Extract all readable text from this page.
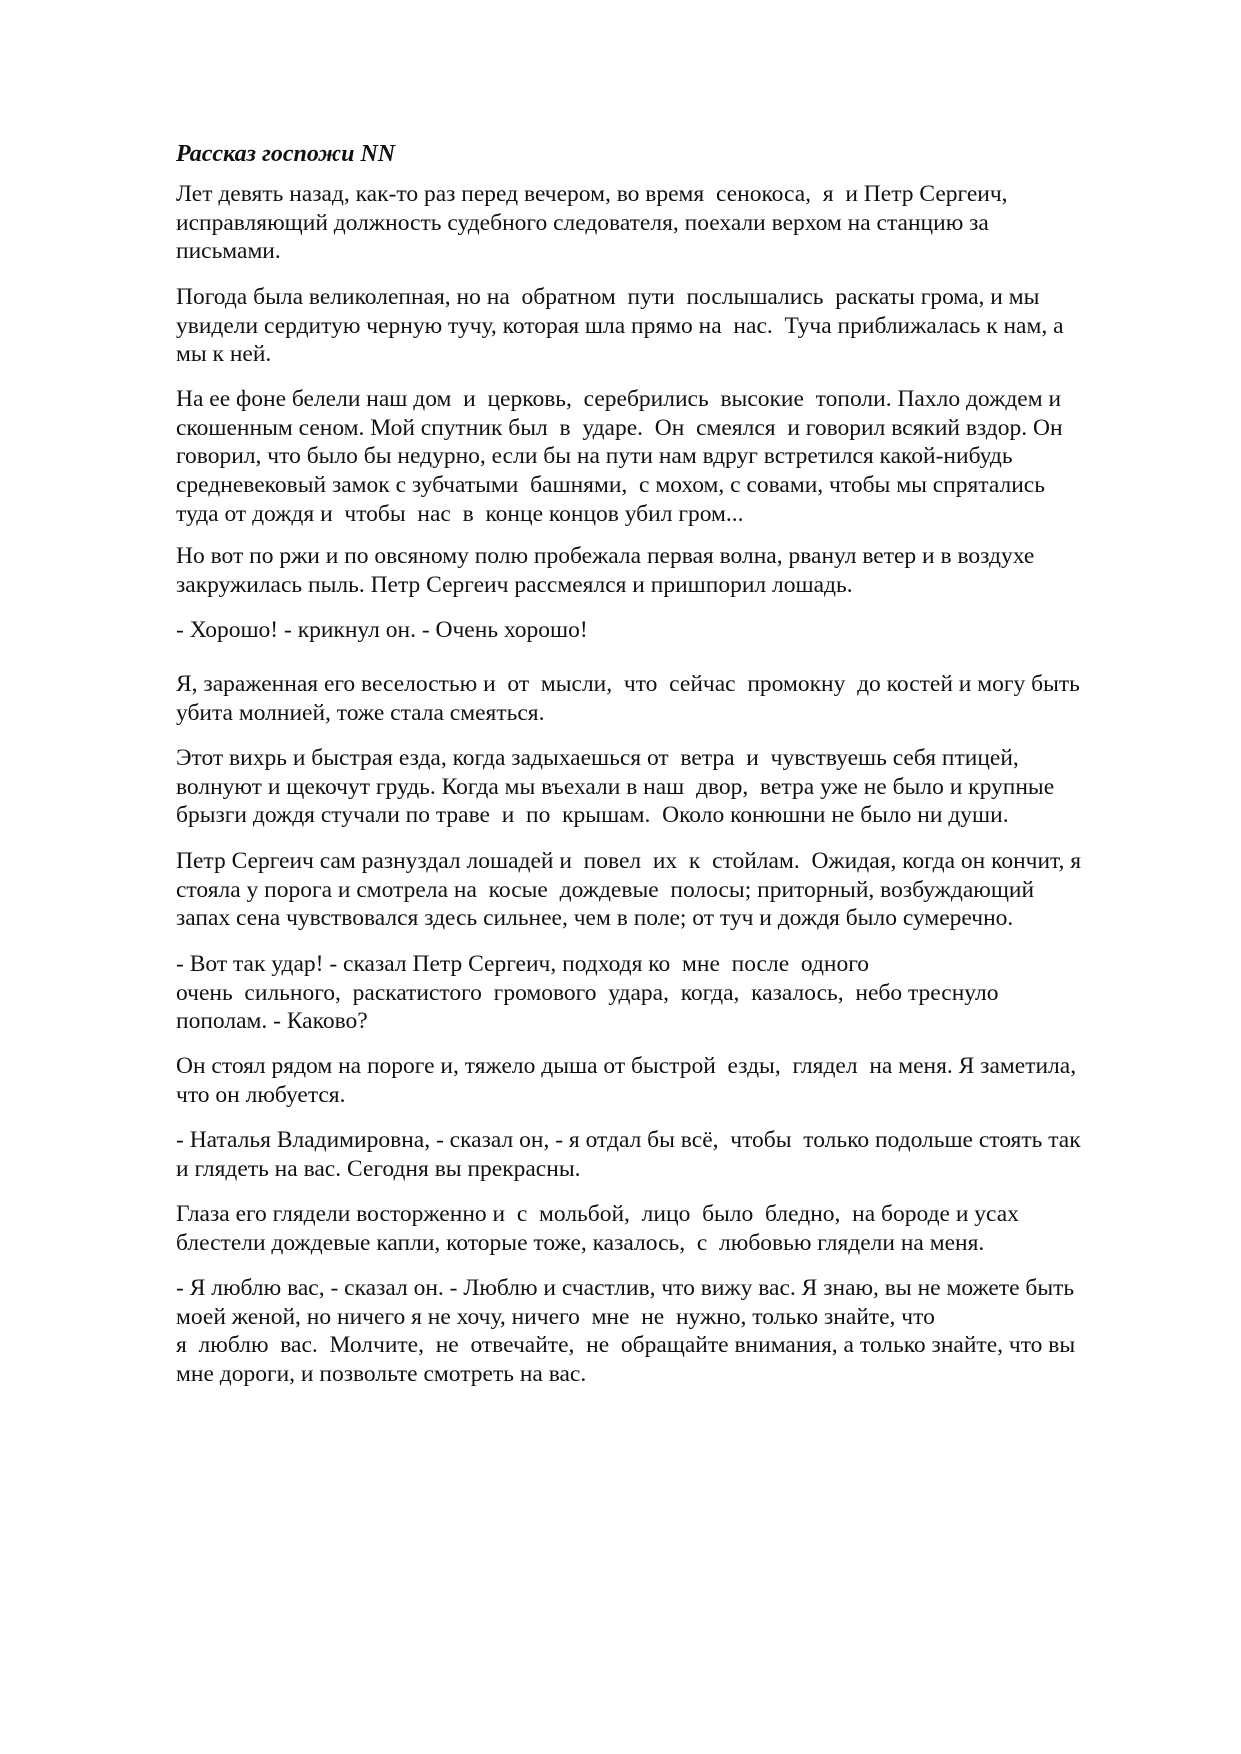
Рассказ госпожи NN

Лет девять назад, как-то раз перед вечером, во время  сенокоса,  я  и Петр Сергеич,
исправляющий должность судебного следователя, поехали верхом на станцию за
письмами.

Погода была великолепная, но на  обратном  пути  послышались  раскаты грома, и мы
увидели сердитую черную тучу, которая шла прямо на  нас.  Туча приближалась к нам, а
мы к ней.

На ее фоне белели наш дом  и  церковь,  серебрились  высокие  тополи. Пахло дождем и
скошенным сеном. Мой спутник был  в  ударе.  Он  смеялся  и говорил всякий вздор. Он
говорил, что было бы недурно, если бы на пути нам вдруг встретился какой-нибудь
средневековый замок с зубчатыми  башнями,  с мохом, с совами, чтобы мы спрятались
туда от дождя и  чтобы  нас  в  конце концов убил гром...

Но вот по ржи и по овсяному полю пробежала первая волна, рванул ветер и в воздухе
закружилась пыль. Петр Сергеич рассмеялся и пришпорил лошадь.

- Хорошо! - крикнул он. - Очень хорошо!

Я, зараженная его веселостью и  от  мысли,  что  сейчас  промокну  до костей и могу быть
убита молнией, тоже стала смеяться.

Этот вихрь и быстрая езда, когда задыхаешься от  ветра  и  чувствуешь себя птицей,
волнуют и щекочут грудь. Когда мы въехали в наш  двор,  ветра уже не было и крупные
брызги дождя стучали по траве  и  по  крышам.  Около конюшни не было ни души.

Петр Сергеич сам разнуздал лошадей и  повел  их  к  стойлам.  Ожидая, когда он кончит, я
стояла у порога и смотрела на  косые  дождевые  полосы; приторный, возбуждающий
запах сена чувствовался здесь сильнее, чем в поле; от туч и дождя было сумеречно.

- Вот так удар! - сказал Петр Сергеич, подходя ко  мне  после  одного
очень  сильного,  раскатистого  громового  удара,  когда,  казалось,  небо треснуло
пополам. - Каково?

Он стоял рядом на пороге и, тяжело дыша от быстрой  езды,  глядел  на меня. Я заметила,
что он любуется.

- Наталья Владимировна, - сказал он, - я отдал бы всё,  чтобы  только подольше стоять так
и глядеть на вас. Сегодня вы прекрасны.

Глаза его глядели восторженно и  с  мольбой,  лицо  было  бледно,  на бороде и усах
блестели дождевые капли, которые тоже, казалось,  с  любовью глядели на меня.

- Я люблю вас, - сказал он. - Люблю и счастлив, что вижу вас. Я знаю, вы не можете быть
моей женой, но ничего я не хочу, ничего  мне  не  нужно, только знайте, что
я  люблю  вас.  Молчите,  не  отвечайте,  не  обращайте внимания, а только знайте, что вы
мне дороги, и позвольте смотреть на вас.
